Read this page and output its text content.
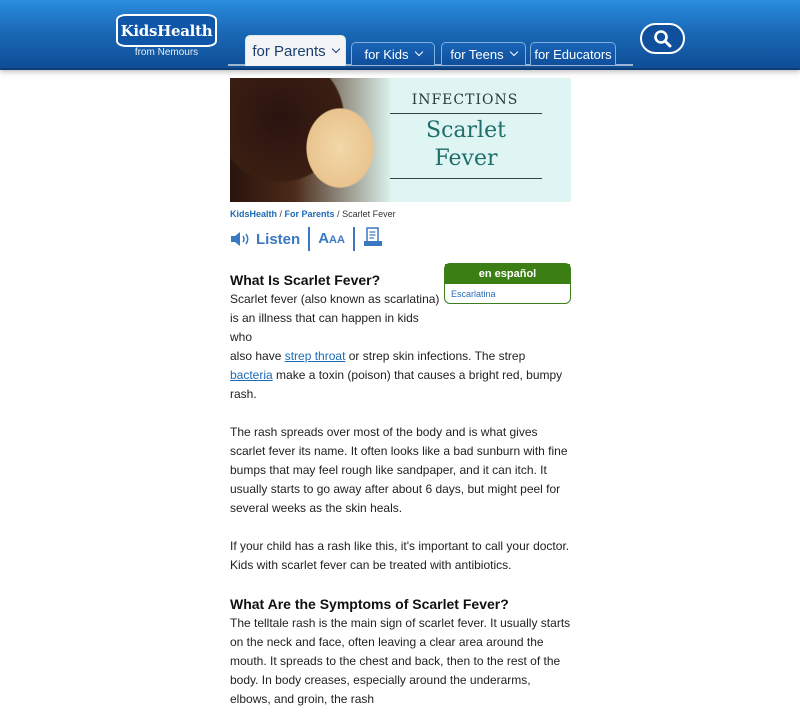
KidsHealth
from Nemours	for Parents	for Kids	for Teens for Educators
INFECTIONS
Scarlet
Fever
KidsHealth / For Parents / Scarlet Fever
Listen AAA
en español
Escarlatina
What Is Scarlet Fever?

Scarlet fever (also known as scarlatina) is an illness that can happen in kids who
also have strep throat or strep skin infections. The strep bacteria make a toxin (poison) that causes a bright red, bumpy rash.

The rash spreads over most of the body and is what gives scarlet fever its name. It often looks like a bad sunburn with fine bumps that may feel rough like sandpaper, and it can itch. It usually starts to go away after about 6 days, but might peel for several weeks as the skin heals.

If your child has a rash like this, it's important to call your doctor. Kids with scarlet fever can be treated with antibiotics.

What Are the Symptoms of Scarlet Fever?

The telltale rash is the main sign of scarlet fever. It usually starts on the neck and face, often leaving a clear area around the mouth. It spreads to the chest and back, then to the rest of the body. In body creases, especially around the underarms, elbows, and groin, the rash
